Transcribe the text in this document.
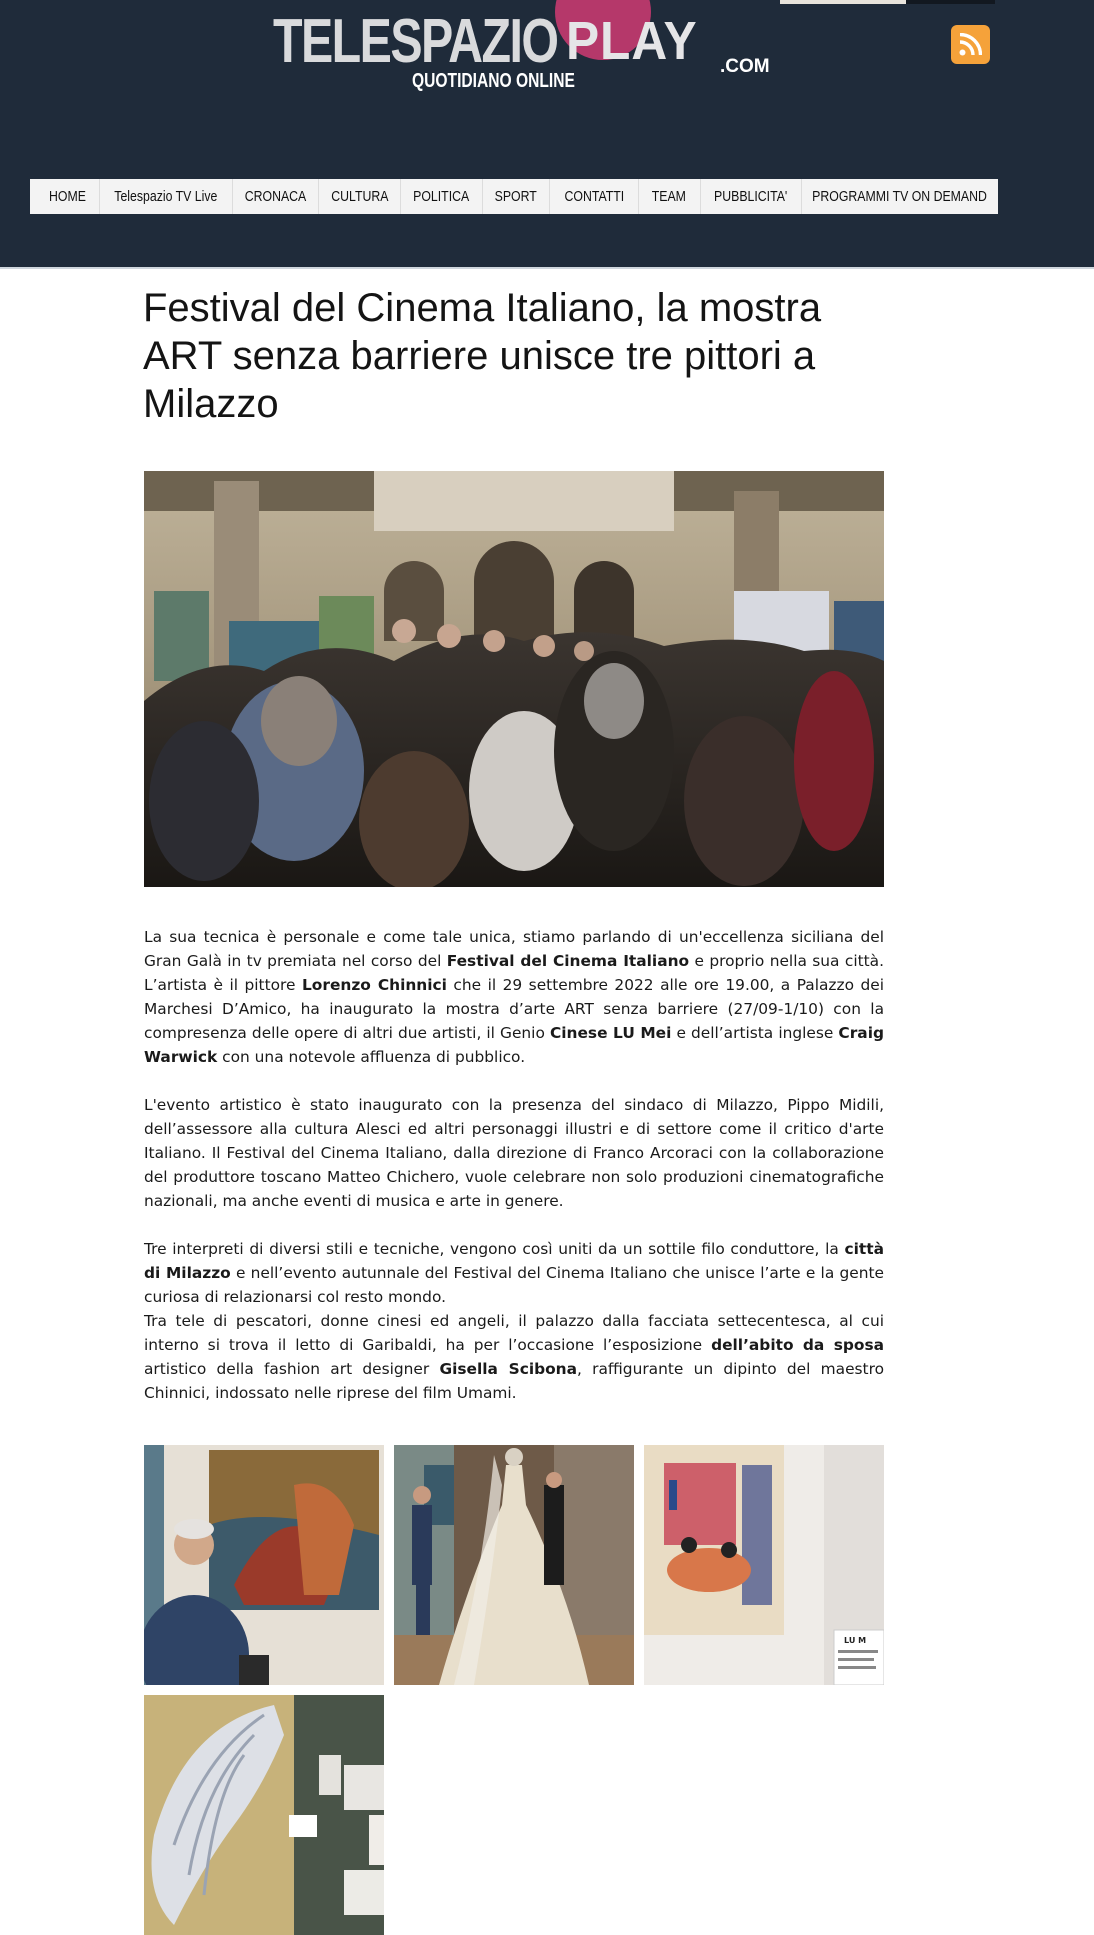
TELESPAZIO PLAY
QUOTIDIANO ONLINE
.COM
HOME Telespazio TV Live CRONACA CULTURA POLITICA SPORT CONTATTI TEAM PUBBLICITA' PROGRAMMI TV ON DEMAND
Festival del Cinema Italiano, la mostra ART senza barriere unisce tre pittori a Milazzo

La sua tecnica è personale e come tale unica, stiamo parlando di un'eccellenza siciliana del Gran Galà in tv premiata nel corso del Festival del Cinema Italiano e proprio nella sua città. L’artista è il pittore Lorenzo Chinnici che il 29 settembre 2022 alle ore 19.00, a Palazzo dei Marchesi D’Amico, ha inaugurato la mostra d’arte ART senza barriere (27/09-1/10) con la compresenza delle opere di altri due artisti, il Genio Cinese LU Mei e dell’artista inglese Craig Warwick con una notevole affluenza di pubblico.

L'evento artistico è stato inaugurato con la presenza del sindaco di Milazzo, Pippo Midili, dell’assessore alla cultura Alesci ed altri personaggi illustri e di settore come il critico d'arte Italiano. Il Festival del Cinema Italiano, dalla direzione di Franco Arcoraci con la collaborazione del produttore toscano Matteo Chichero, vuole celebrare non solo produzioni cinematografiche nazionali, ma anche eventi di musica e arte in genere.

Tre interpreti di diversi stili e tecniche, vengono così uniti da un sottile filo conduttore, la città di Milazzo e nell’evento autunnale del Festival del Cinema Italiano che unisce l’arte e la gente curiosa di relazionarsi col resto mondo.

Tra tele di pescatori, donne cinesi ed angeli, il palazzo dalla facciata settecentesca, al cui interno si trova il letto di Garibaldi, ha per l’occasione l’esposizione dell’abito da sposa artistico della fashion art designer Gisella Scibona, raffigurante un dipinto del maestro Chinnici, indossato nelle riprese del film Umami.

LU M
